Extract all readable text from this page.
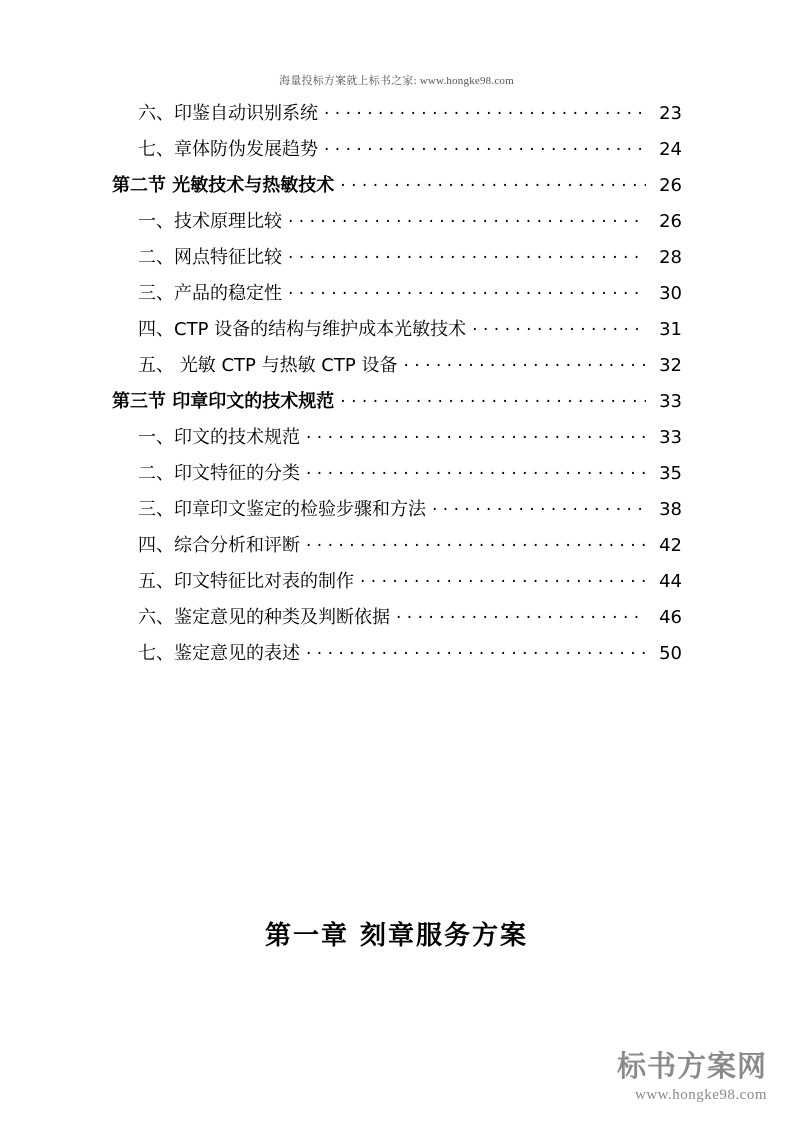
海量投标方案就上标书之家: www.hongke98.com
六、印鉴自动识别系统 . . .	23
七、章体防伪发展趋势 . . .	24
第二节 光敏技术与热敏技术 . . .	26
一、技术原理比较 . . .	26
二、网点特征比较 . . .	28
三、产品的稳定性 . . .	30
四、CTP 设备的结构与维护成本光敏技术 . . .	31
五、 光敏 CTP 与热敏 CTP 设备 . . .	32
第三节 印章印文的技术规范 . . .	33
一、印文的技术规范 . . .	33
二、印文特征的分类 . . .	35
三、印章印文鉴定的检验步骤和方法 . . .	38
四、综合分析和评断 . . .	42
五、印文特征比对表的制作 . . .	44
六、鉴定意见的种类及判断依据 . . .	46
七、鉴定意见的表述 . . .	50
第一章 刻章服务方案
标书方案网
www.hongke98.com
